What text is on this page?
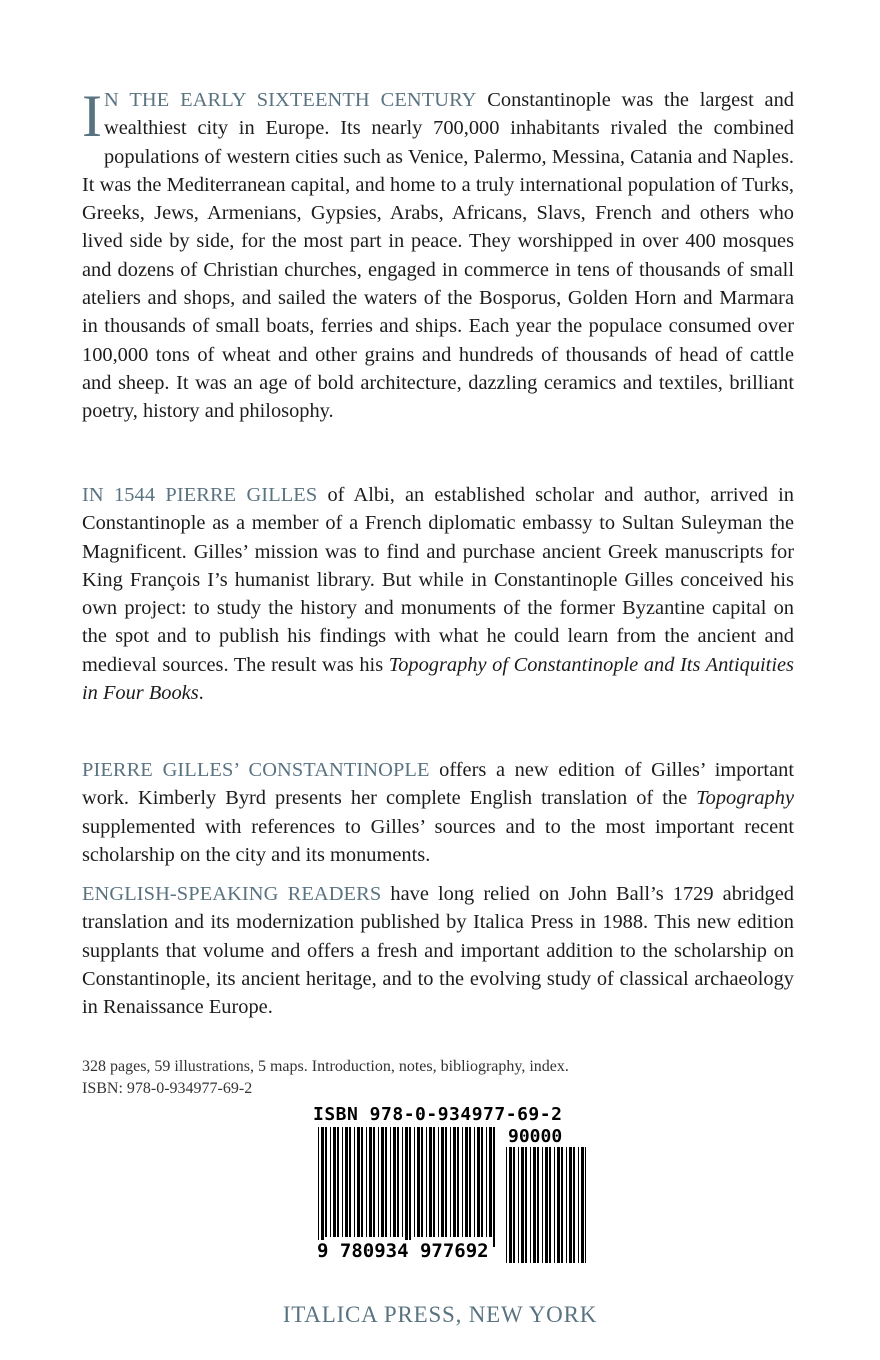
I N THE EARLY SIXTEENTH CENTURY Constantinople was the largest and wealthiest city in Europe. Its nearly 700,000 inhabitants rivaled the combined populations of western cities such as Venice, Palermo, Messina, Catania and Naples. It was the Mediterranean capital, and home to a truly international population of Turks, Greeks, Jews, Armenians, Gypsies, Arabs, Africans, Slavs, French and others who lived side by side, for the most part in peace. They worshipped in over 400 mosques and dozens of Christian churches, engaged in commerce in tens of thousands of small ateliers and shops, and sailed the waters of the Bosporus, Golden Horn and Marmara in thousands of small boats, ferries and ships. Each year the populace consumed over 100,000 tons of wheat and other grains and hundreds of thousands of head of cattle and sheep. It was an age of bold architecture, dazzling ceramics and textiles, brilliant poetry, history and philosophy.

IN 1544 PIERRE GILLES of Albi, an established scholar and author, arrived in Constantinople as a member of a French diplomatic embassy to Sultan Suleyman the Magnificent. Gilles’ mission was to find and purchase ancient Greek manuscripts for King François I’s humanist library. But while in Constantinople Gilles conceived his own project: to study the history and monuments of the former Byzantine capital on the spot and to publish his findings with what he could learn from the ancient and medieval sources. The result was his Topography of Constantinople and Its Antiquities in Four Books.

PIERRE GILLES’ CONSTANTINOPLE offers a new edition of Gilles’ important work. Kimberly Byrd presents her complete English translation of the Topography supplemented with references to Gilles’ sources and to the most important recent scholarship on the city and its monuments.

ENGLISH-SPEAKING READERS have long relied on John Ball’s 1729 abridged translation and its modernization published by Italica Press in 1988. This new edition supplants that volume and offers a fresh and important addition to the scholarship on Constantinople, its ancient heritage, and to the evolving study of classical archaeology in Renaissance Europe.

328 pages, 59 illustrations, 5 maps. Introduction, notes, bibliography, index.
ISBN: 978-0-934977-69-2
ISBN 978-0-934977-69-2
90000
9 780934 977692
ITALICA PRESS, NEW YORK
